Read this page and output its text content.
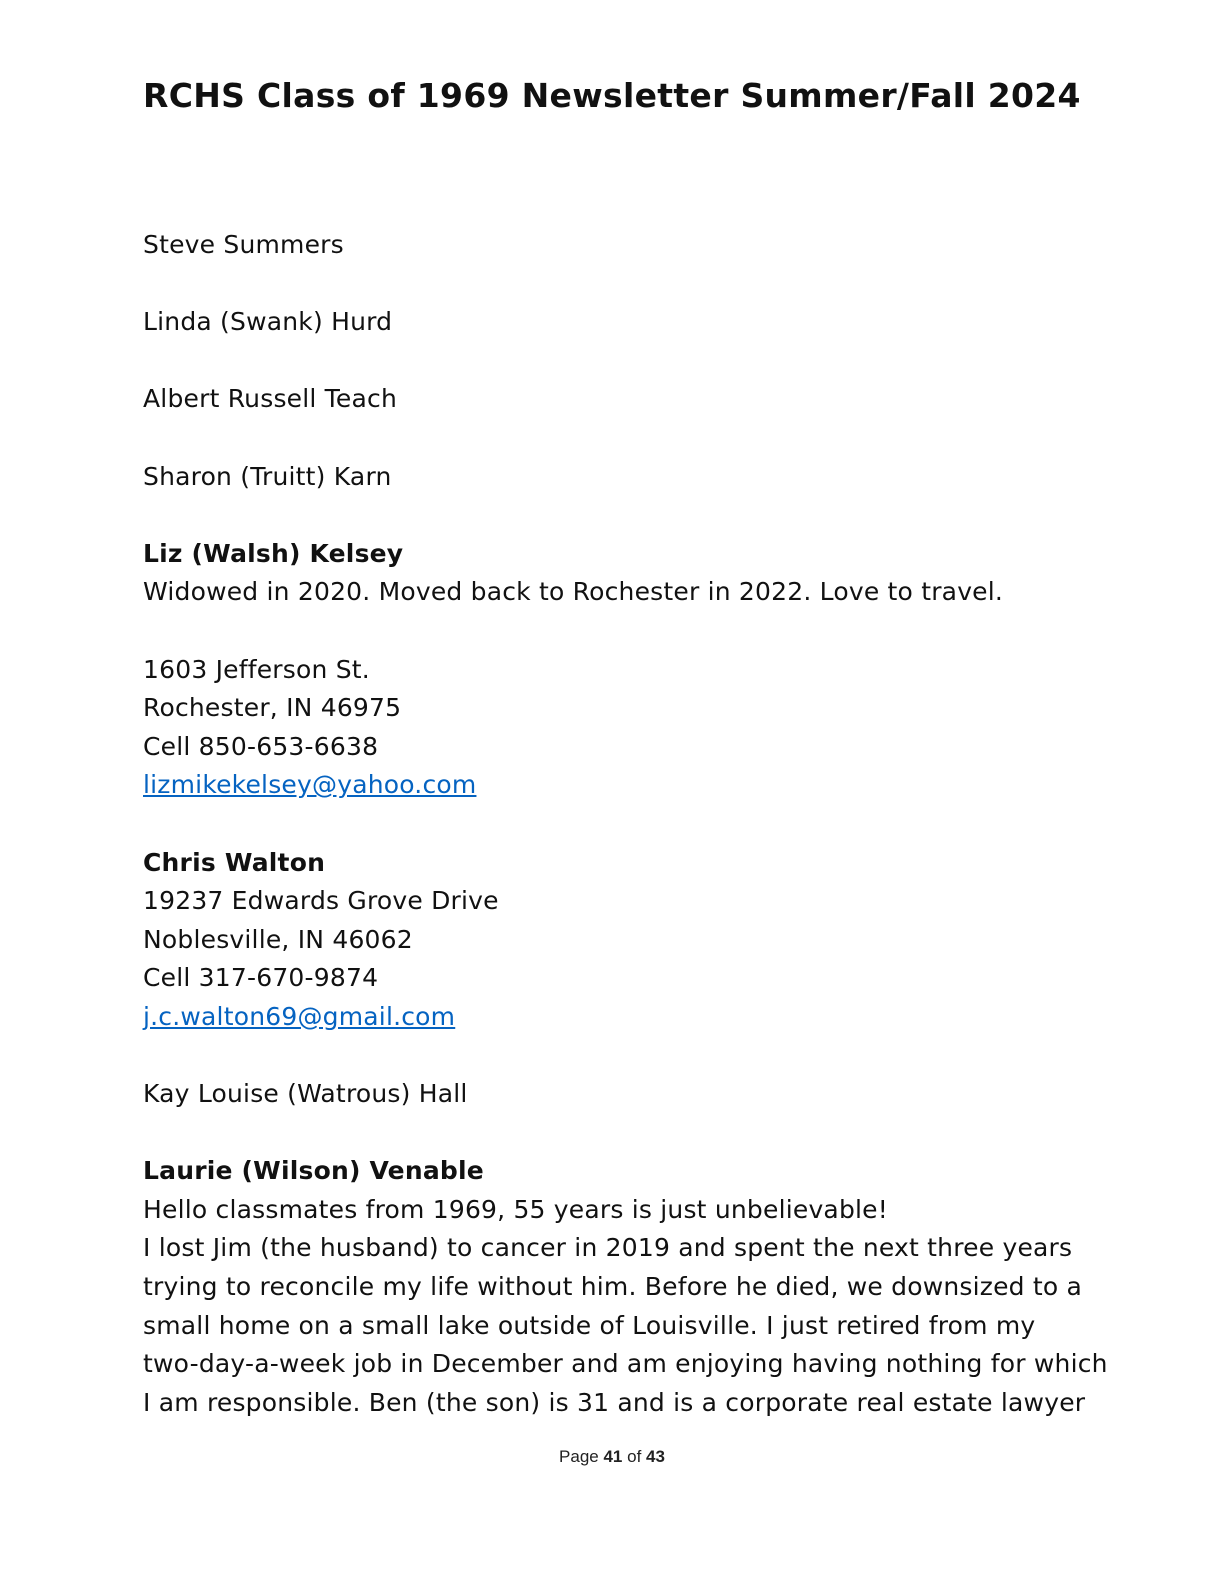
RCHS Class of 1969 Newsletter Summer/Fall 2024
Steve Summers
Linda (Swank) Hurd
Albert Russell Teach
Sharon (Truitt) Karn
Liz (Walsh) Kelsey
Widowed in 2020. Moved back to Rochester in 2022. Love to travel.
1603 Jefferson St.
Rochester, IN 46975
Cell 850-653-6638
lizmikekelsey@yahoo.com
Chris Walton
19237 Edwards Grove Drive
Noblesville, IN 46062
Cell 317-670-9874
j.c.walton69@gmail.com
Kay Louise (Watrous) Hall
Laurie (Wilson) Venable
Hello classmates from 1969, 55 years is just unbelievable!
I lost Jim (the husband) to cancer in 2019 and spent the next three years
trying to reconcile my life without him. Before he died, we downsized to a
small home on a small lake outside of Louisville. I just retired from my
two-day-a-week job in December and am enjoying having nothing for which
I am responsible. Ben (the son) is 31 and is a corporate real estate lawyer
Page 41 of 43
